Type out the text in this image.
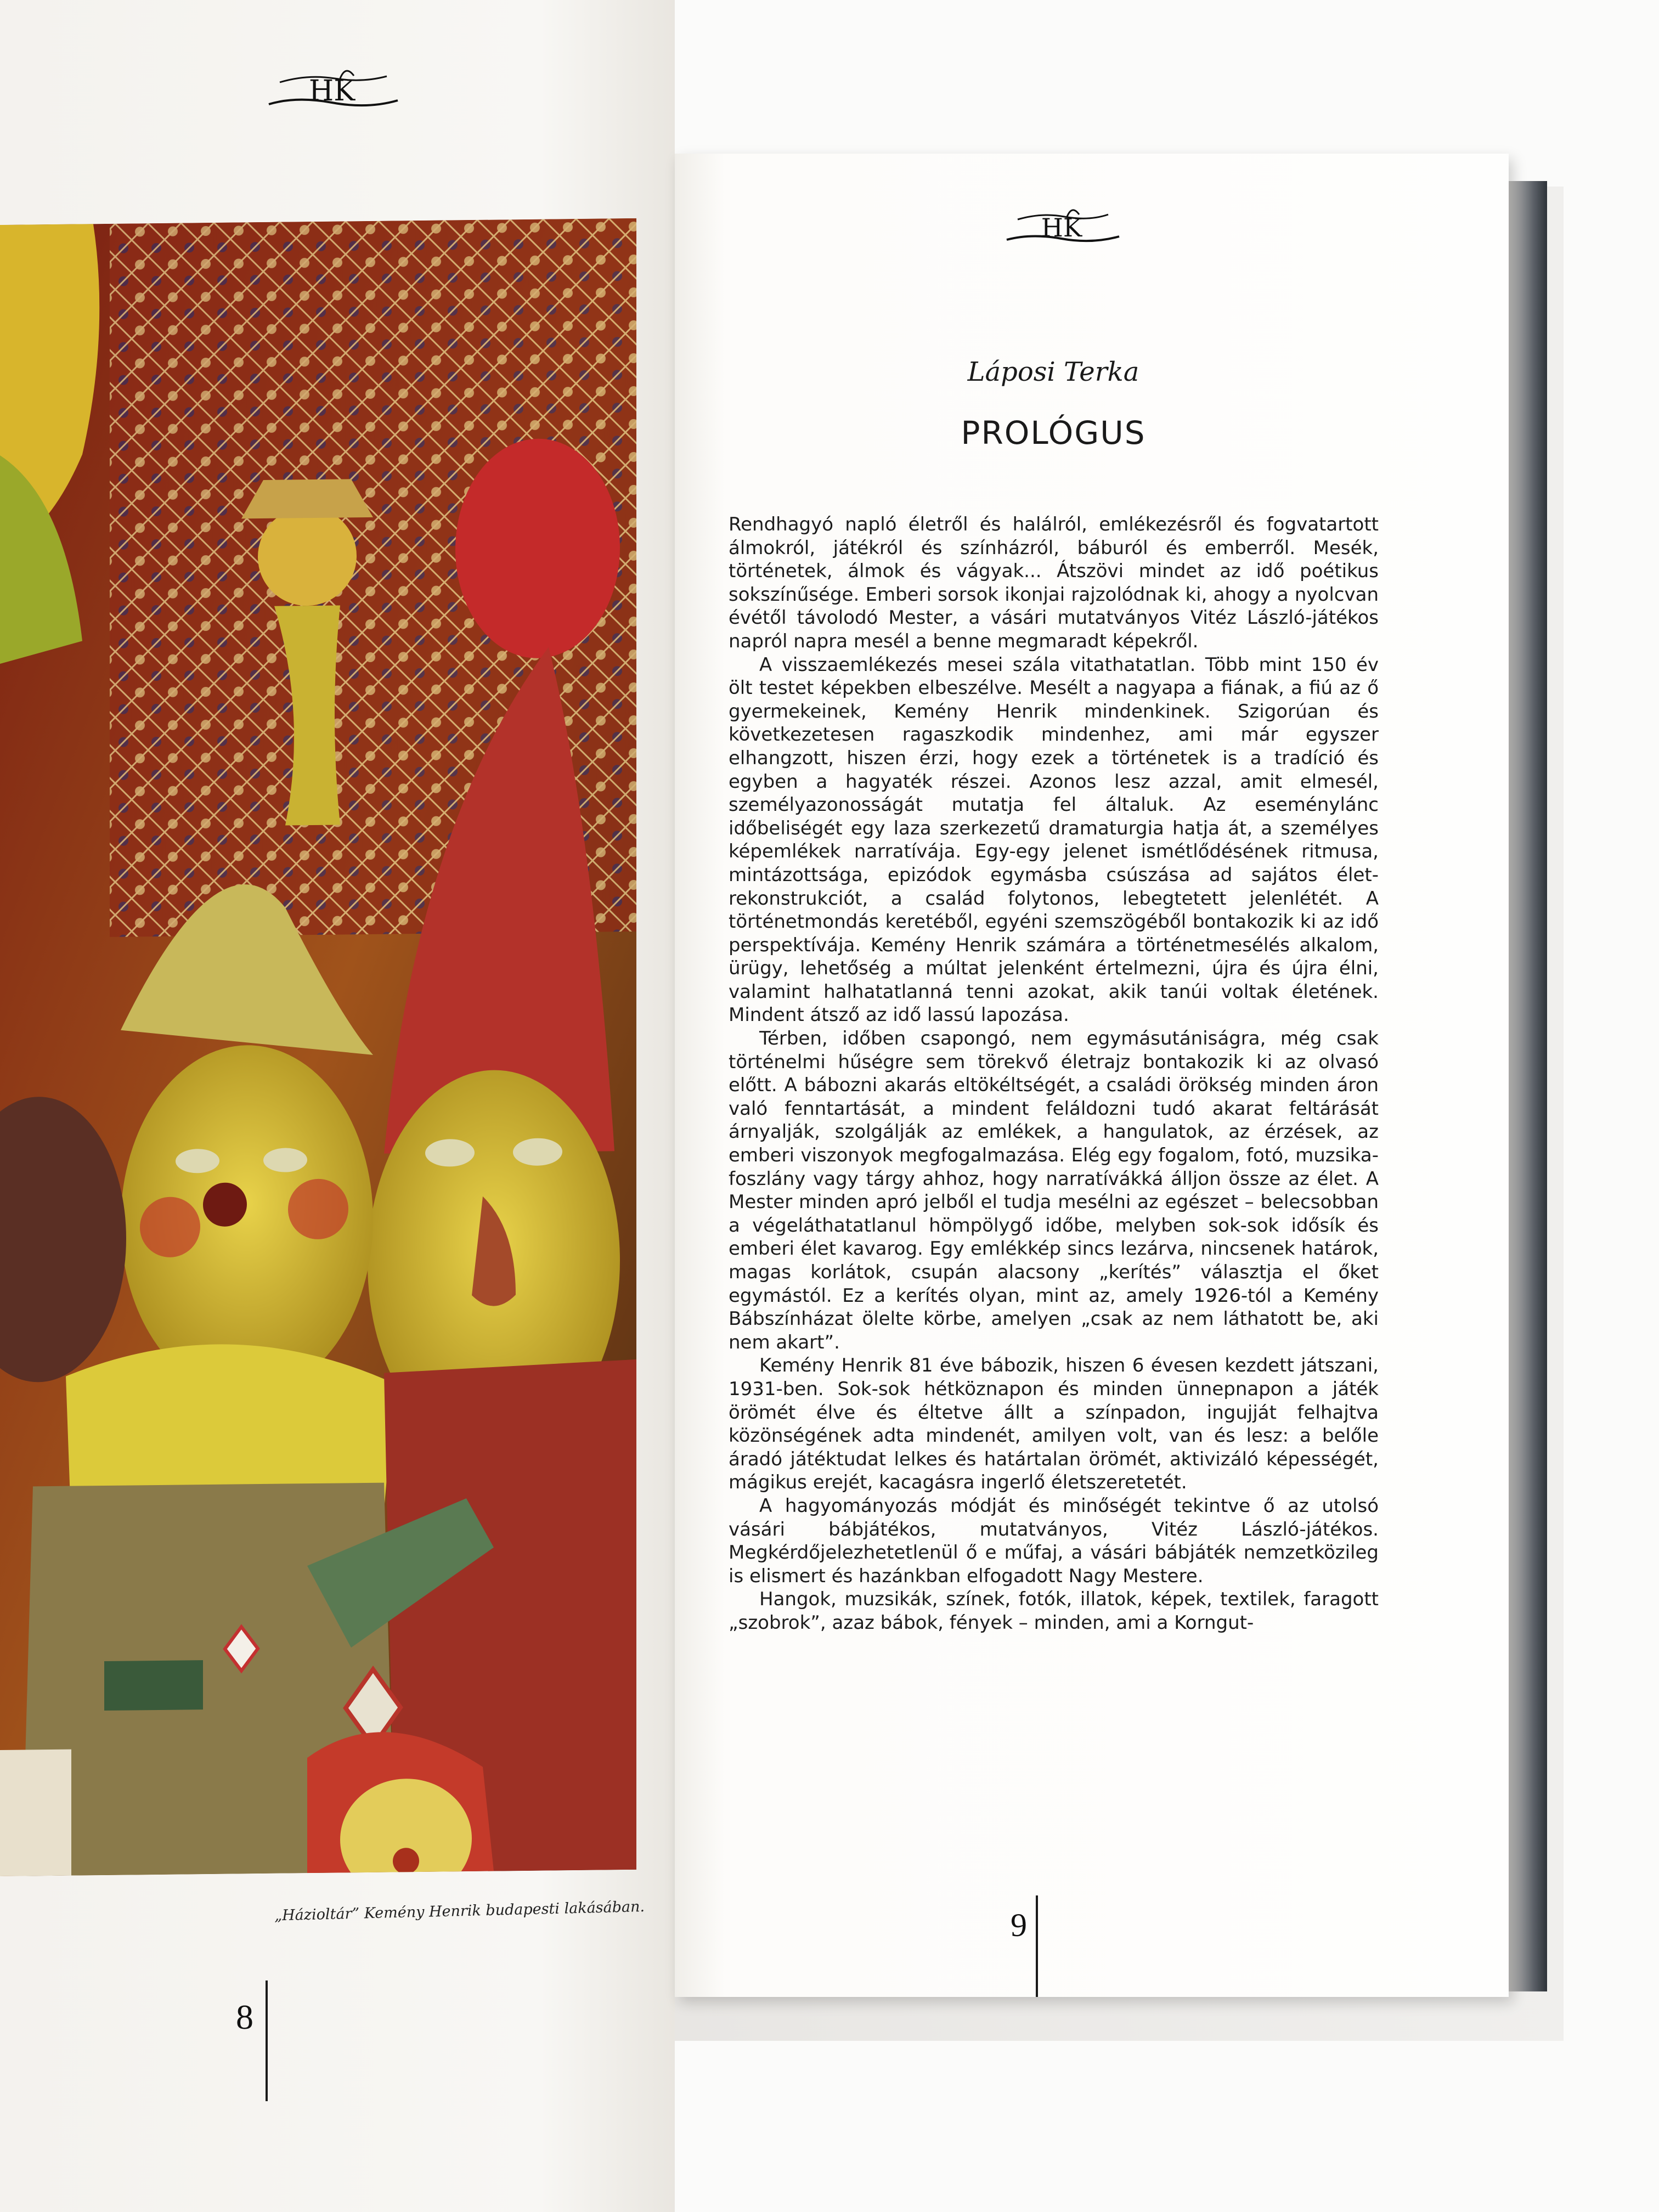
HK
„Házioltár” Kemény Henrik budapesti lakásában.
8
HK
Láposi Terka
PROLÓGUS

Rendhagyó napló életről és halálról, emlékezésről és fogvatartott álmokról, játékról és színházról, báburól és emberről. Mesék, történetek, álmok és vágyak... Átszövi mindet az idő poétikus sokszínűsége. Emberi sorsok ikonjai rajzolódnak ki, ahogy a nyolcvan évétől távolodó Mester, a vásári mutatványos Vitéz László-játékos napról napra mesél a benne megmaradt képekről.

A visszaemlékezés mesei szála vitathatatlan. Több mint 150 év ölt testet képekben elbeszélve. Mesélt a nagyapa a fiának, a fiú az ő gyermekeinek, Kemény Henrik mindenkinek. Szigorúan és következetesen ragaszkodik mindenhez, ami már egyszer elhangzott, hiszen érzi, hogy ezek a történetek is a tradíció és egyben a hagyaték részei. Azonos lesz azzal, amit elmesél, személyazonosságát mutatja fel általuk. Az eseménylánc időbeliségét egy laza szerkezetű dramaturgia hatja át, a személyes képemlékek narratívája. Egy-egy jelenet ismétlődésének ritmusa, mintázottsága, epizódok egymásba csúszása ad sajátos élet-rekonstrukciót, a család folytonos, lebegtetett jelenlétét. A történetmondás keretéből, egyéni szemszögéből bontakozik ki az idő perspektívája. Kemény Henrik számára a történetmesélés alkalom, ürügy, lehetőség a múltat jelenként értelmezni, újra és újra élni, valamint halhatatlanná tenni azokat, akik tanúi voltak életének. Mindent átsző az idő lassú lapozása.

Térben, időben csapongó, nem egymásutániságra, még csak történelmi hűségre sem törekvő életrajz bontakozik ki az olvasó előtt. A bábozni akarás eltökéltségét, a családi örökség minden áron való fenntartását, a mindent feláldozni tudó akarat feltárását árnyalják, szolgálják az emlékek, a hangulatok, az érzések, az emberi viszonyok megfogalmazása. Elég egy fogalom, fotó, muzsika-foszlány vagy tárgy ahhoz, hogy narratívákká álljon össze az élet. A Mester minden apró jelből el tudja mesélni az egészet – belecsobban a végeláthatatlanul hömpölygő időbe, melyben sok-sok idősík és emberi élet kavarog. Egy emlékkép sincs lezárva, nincsenek határok, magas korlátok, csupán alacsony „kerítés” választja el őket egymástól. Ez a kerítés olyan, mint az, amely 1926-tól a Kemény Bábszínházat ölelte körbe, amelyen „csak az nem láthatott be, aki nem akart”.

Kemény Henrik 81 éve bábozik, hiszen 6 évesen kezdett játszani, 1931-ben. Sok-sok hétköznapon és minden ünnepnapon a játék örömét élve és éltetve állt a színpadon, ingujját felhajtva közönségének adta mindenét, amilyen volt, van és lesz: a belőle áradó játéktudat lelkes és határtalan örömét, aktivizáló képességét, mágikus erejét, kacagásra ingerlő életszeretetét.

A hagyományozás módját és minőségét tekintve ő az utolsó vásári bábjátékos, mutatványos, Vitéz László-játékos. Megkérdőjelezhetetlenül ő e műfaj, a vásári bábjáték nemzetközileg is elismert és hazánkban elfogadott Nagy Mestere.

Hangok, muzsikák, színek, fotók, illatok, képek, textilek, faragott „szobrok”, azaz bábok, fények – minden, ami a Korngut-

9
